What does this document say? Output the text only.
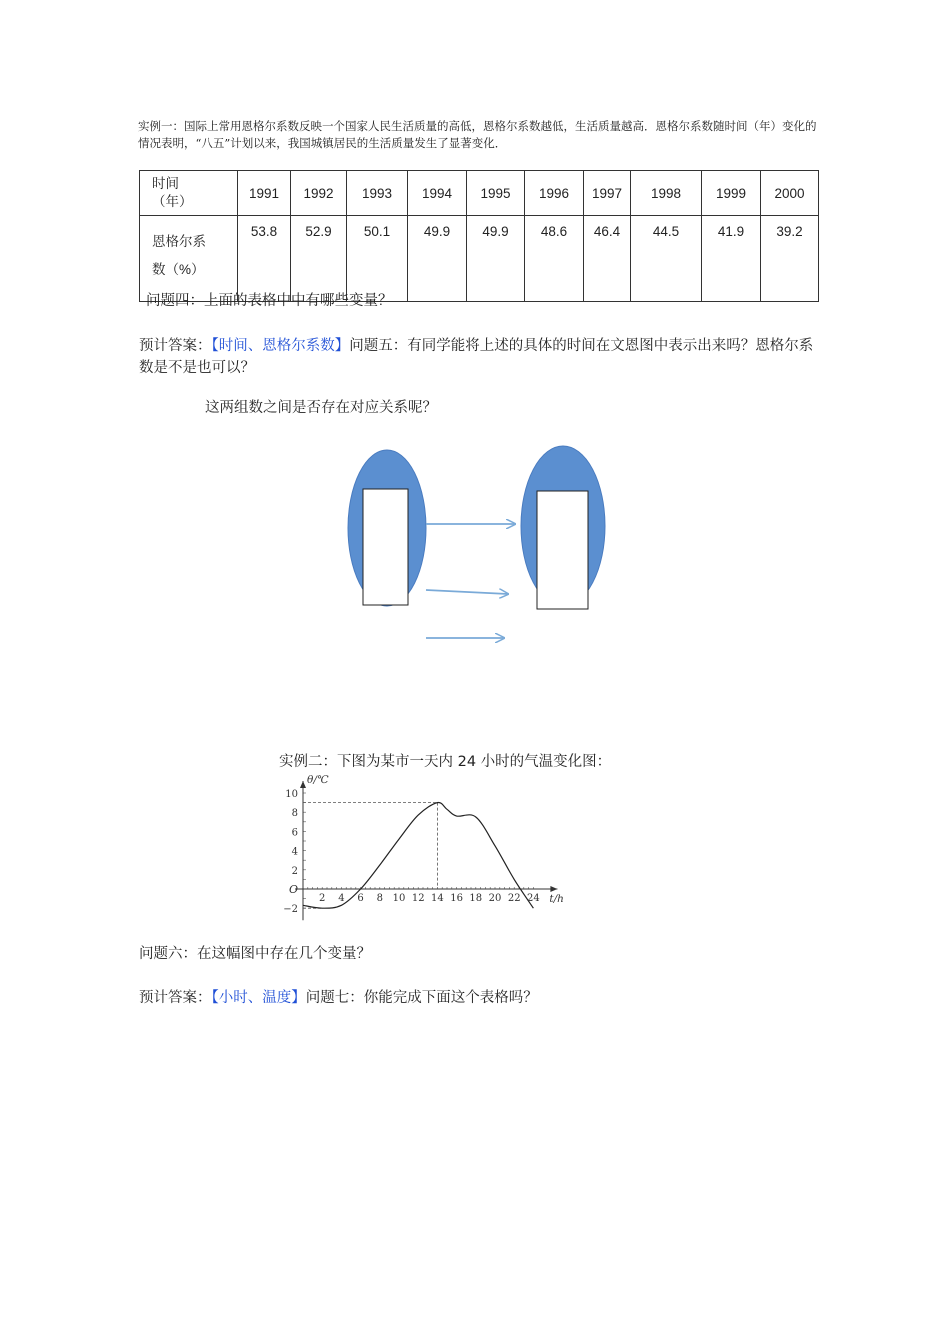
实例一：国际上常用恩格尔系数反映一个国家人民生活质量的高低，恩格尔系数越低，生活质量越高．恩格尔系数随时间（年）变化的情况表明，“八五”计划以来，我国城镇居民的生活质量发生了显著变化．
时间
（年）	1991	1992	1993	1994	1995	1996	1997	1998	1999	2000
恩格尔系
数（%）	53.8	52.9	50.1	49.9	49.9	48.6	46.4	44.5	41.9	39.2
问题四：上面的表格中中有哪些变量？
预计答案：【时间、恩格尔系数】问题五：有同学能将上述的具体的时间在文恩图中表示出来吗？恩格尔系数是不是也可以？
这两组数之间是否存在对应关系呢？
实例二：下图为某市一天内 24 小时的气温变化图：
2 4 6 8 10 12 14 16 18 20 22 24
10
8
6
4
2
−2
O
t/h
θ/℃
问题六：在这幅图中存在几个变量？
预计答案：【小时、温度】问题七：你能完成下面这个表格吗？
